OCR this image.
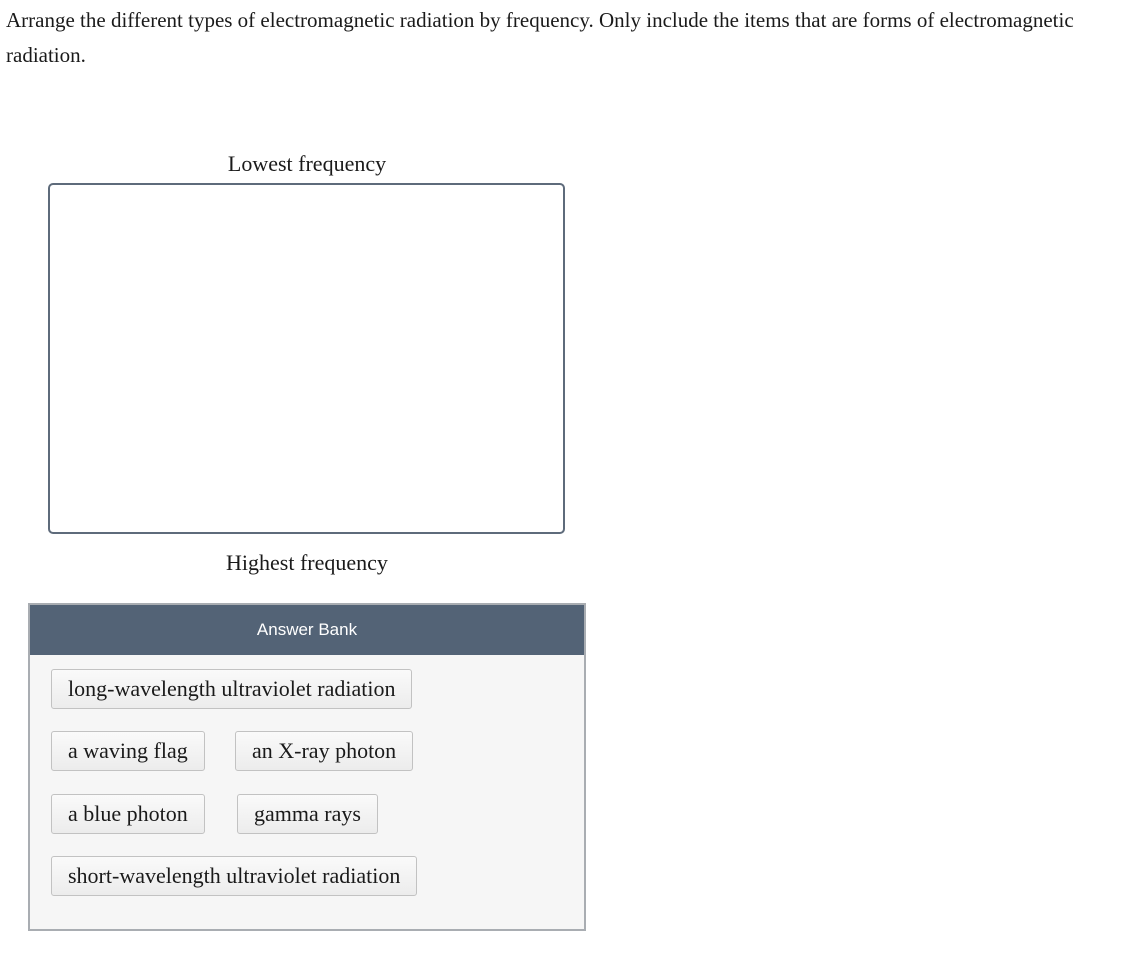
Arrange the different types of electromagnetic radiation by frequency. Only include the items that are forms of electromagnetic radiation.

Lowest frequency
Highest frequency
Answer Bank
long-wavelength ultraviolet radiation
a waving flag	an X-ray photon
a blue photon	gamma rays
short-wavelength ultraviolet radiation
